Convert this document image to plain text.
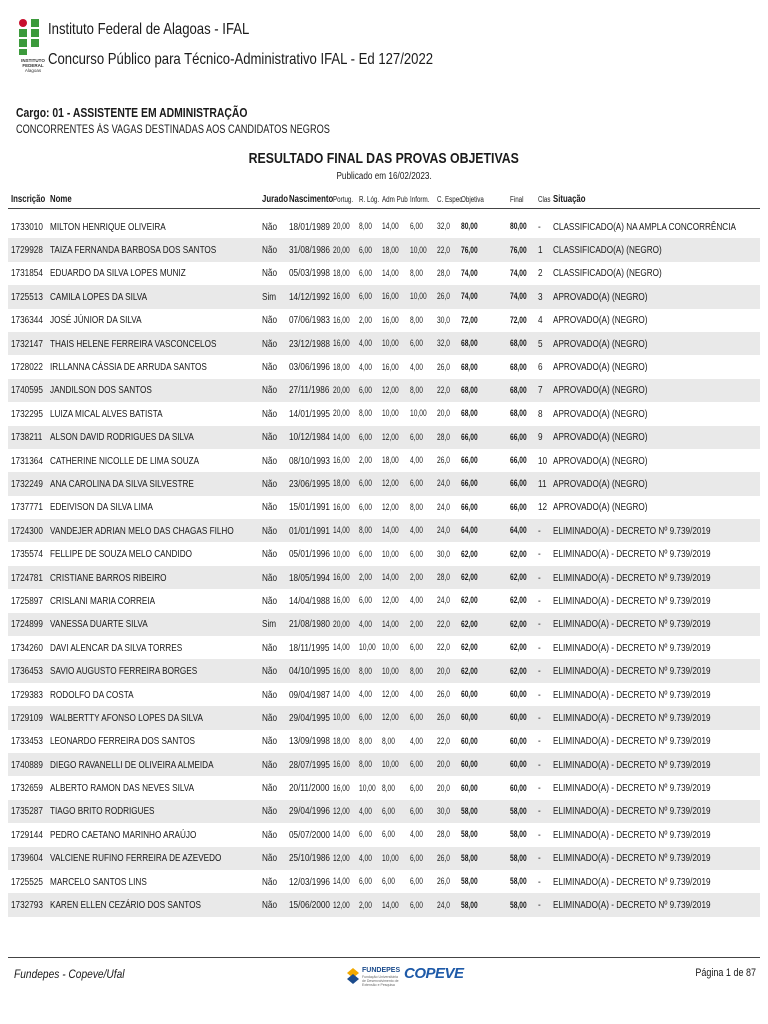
INSTITUTO
FEDERAL
Alagoas
Instituto Federal de Alagoas - IFAL
Concurso Público para Técnico-Administrativo IFAL - Ed 127/2022
Cargo: 01 - ASSISTENTE EM ADMINISTRAÇÃO
CONCORRENTES ÀS VAGAS DESTINADAS AOS CANDIDATOS NEGROS
RESULTADO FINAL DAS PROVAS OBJETIVAS
Publicado em 16/02/2023.
Inscrição Nome	Jurado Nascimento Portug. R. Lóg. Adm Pub Inform. C. Espec.
Objetiva	Final Clas Situação
1733010 MILTON HENRIQUE OLIVEIRA	Não 18/01/1989 20,00 8,00 14,00 6,00 32,0 80,00	80,00 - CLASSIFICADO(A) NA AMPLA CONCORRÊNCIA
1729928 TAIZA FERNANDA BARBOSA DOS SANTOS	Não 31/08/1986 20,00 6,00 18,00 10,00 22,0 76,00	76,00 1 CLASSIFICADO(A) (NEGRO)
1731854 EDUARDO DA SILVA LOPES MUNIZ	Não 05/03/1998 18,00 6,00 14,00 8,00 28,0 74,00	74,00 2 CLASSIFICADO(A) (NEGRO)
1725513 CAMILA LOPES DA SILVA	Sim 14/12/1992 16,00 6,00 16,00 10,00 26,0 74,00	74,00 3 APROVADO(A) (NEGRO)
1736344 JOSÉ JÚNIOR DA SILVA	Não 07/06/1983 16,00 2,00 16,00 8,00 30,0 72,00	72,00 4 APROVADO(A) (NEGRO)
1732147 THAIS HELENE FERREIRA VASCONCELOS	Não 23/12/1988 16,00 4,00 10,00 6,00 32,0 68,00	68,00 5 APROVADO(A) (NEGRO)
1728022 IRLLANNA CÁSSIA DE ARRUDA SANTOS	Não 03/06/1996 18,00 4,00 16,00 4,00 26,0 68,00	68,00 6 APROVADO(A) (NEGRO)
1740595 JANDILSON DOS SANTOS	Não 27/11/1986 20,00 6,00 12,00 8,00 22,0 68,00	68,00 7 APROVADO(A) (NEGRO)
1732295 LUIZA MICAL ALVES BATISTA	Não 14/01/1995 20,00 8,00 10,00 10,00 20,0 68,00	68,00 8 APROVADO(A) (NEGRO)
1738211 ALSON DAVID RODRIGUES DA SILVA	Não 10/12/1984 14,00 6,00 12,00 6,00 28,0 66,00	66,00 9 APROVADO(A) (NEGRO)
1731364 CATHERINE NICOLLE DE LIMA SOUZA	Não 08/10/1993 16,00 2,00 18,00 4,00 26,0 66,00	66,00 10 APROVADO(A) (NEGRO)
1732249 ANA CAROLINA DA SILVA SILVESTRE	Não 23/06/1995 18,00 6,00 12,00 6,00 24,0 66,00	66,00 11 APROVADO(A) (NEGRO)
1737771 EDEIVISON DA SILVA LIMA	Não 15/01/1991 16,00 6,00 12,00 8,00 24,0 66,00	66,00 12 APROVADO(A) (NEGRO)
1724300 VANDEJER ADRIAN MELO DAS CHAGAS FILHO	Não 01/01/1991 14,00 8,00 14,00 4,00 24,0 64,00	64,00 - ELIMINADO(A) - DECRETO Nº 9.739/2019
1735574 FELLIPE DE SOUZA MELO CANDIDO	Não 05/01/1996 10,00 6,00 10,00 6,00 30,0 62,00	62,00 - ELIMINADO(A) - DECRETO Nº 9.739/2019
1724781 CRISTIANE BARROS RIBEIRO	Não 18/05/1994 16,00 2,00 14,00 2,00 28,0 62,00	62,00 - ELIMINADO(A) - DECRETO Nº 9.739/2019
1725897 CRISLANI MARIA CORREIA	Não 14/04/1988 16,00 6,00 12,00 4,00 24,0 62,00	62,00 - ELIMINADO(A) - DECRETO Nº 9.739/2019
1724899 VANESSA DUARTE SILVA	Sim 21/08/1980 20,00 4,00 14,00 2,00 22,0 62,00	62,00 - ELIMINADO(A) - DECRETO Nº 9.739/2019
1734260 DAVI ALENCAR DA SILVA TORRES	Não 18/11/1995 14,00 10,00 10,00 6,00 22,0 62,00	62,00 - ELIMINADO(A) - DECRETO Nº 9.739/2019
1736453 SAVIO AUGUSTO FERREIRA BORGES	Não 04/10/1995 16,00 8,00 10,00 8,00 20,0 62,00	62,00 - ELIMINADO(A) - DECRETO Nº 9.739/2019
1729383 RODOLFO DA COSTA	Não 09/04/1987 14,00 4,00 12,00 4,00 26,0 60,00	60,00 - ELIMINADO(A) - DECRETO Nº 9.739/2019
1729109 WALBERTTY AFONSO LOPES DA SILVA	Não 29/04/1995 10,00 6,00 12,00 6,00 26,0 60,00	60,00 - ELIMINADO(A) - DECRETO Nº 9.739/2019
1733453 LEONARDO FERREIRA DOS SANTOS	Não 13/09/1998 18,00 8,00 8,00 4,00 22,0 60,00	60,00 - ELIMINADO(A) - DECRETO Nº 9.739/2019
1740889 DIEGO RAVANELLI DE OLIVEIRA ALMEIDA	Não 28/07/1995 16,00 8,00 10,00 6,00 20,0 60,00	60,00 - ELIMINADO(A) - DECRETO Nº 9.739/2019
1732659 ALBERTO RAMON DAS NEVES SILVA	Não 20/11/2000 16,00 10,00 8,00 6,00 20,0 60,00	60,00 - ELIMINADO(A) - DECRETO Nº 9.739/2019
1735287 TIAGO BRITO RODRIGUES	Não 29/04/1996 12,00 4,00 6,00 6,00 30,0 58,00	58,00 - ELIMINADO(A) - DECRETO Nº 9.739/2019
1729144 PEDRO CAETANO MARINHO ARAÚJO	Não 05/07/2000 14,00 6,00 6,00 4,00 28,0 58,00	58,00 - ELIMINADO(A) - DECRETO Nº 9.739/2019
1739604 VALCIENE RUFINO FERREIRA DE AZEVEDO	Não 25/10/1986 12,00 4,00 10,00 6,00 26,0 58,00	58,00 - ELIMINADO(A) - DECRETO Nº 9.739/2019
1725525 MARCELO SANTOS LINS	Não 12/03/1996 14,00 6,00 6,00 6,00 26,0 58,00	58,00 - ELIMINADO(A) - DECRETO Nº 9.739/2019
1732793 KAREN ELLEN CEZÁRIO DOS SANTOS	Não 15/06/2000 12,00 2,00 14,00 6,00 24,0 58,00	58,00 - ELIMINADO(A) - DECRETO Nº 9.739/2019
Fundepes - Copeve/Ufal	FUNDEPES
Fundação Universitária de Desenvolvimento de Extensão e Pesquisa
COPEVE	Página 1 de 87
